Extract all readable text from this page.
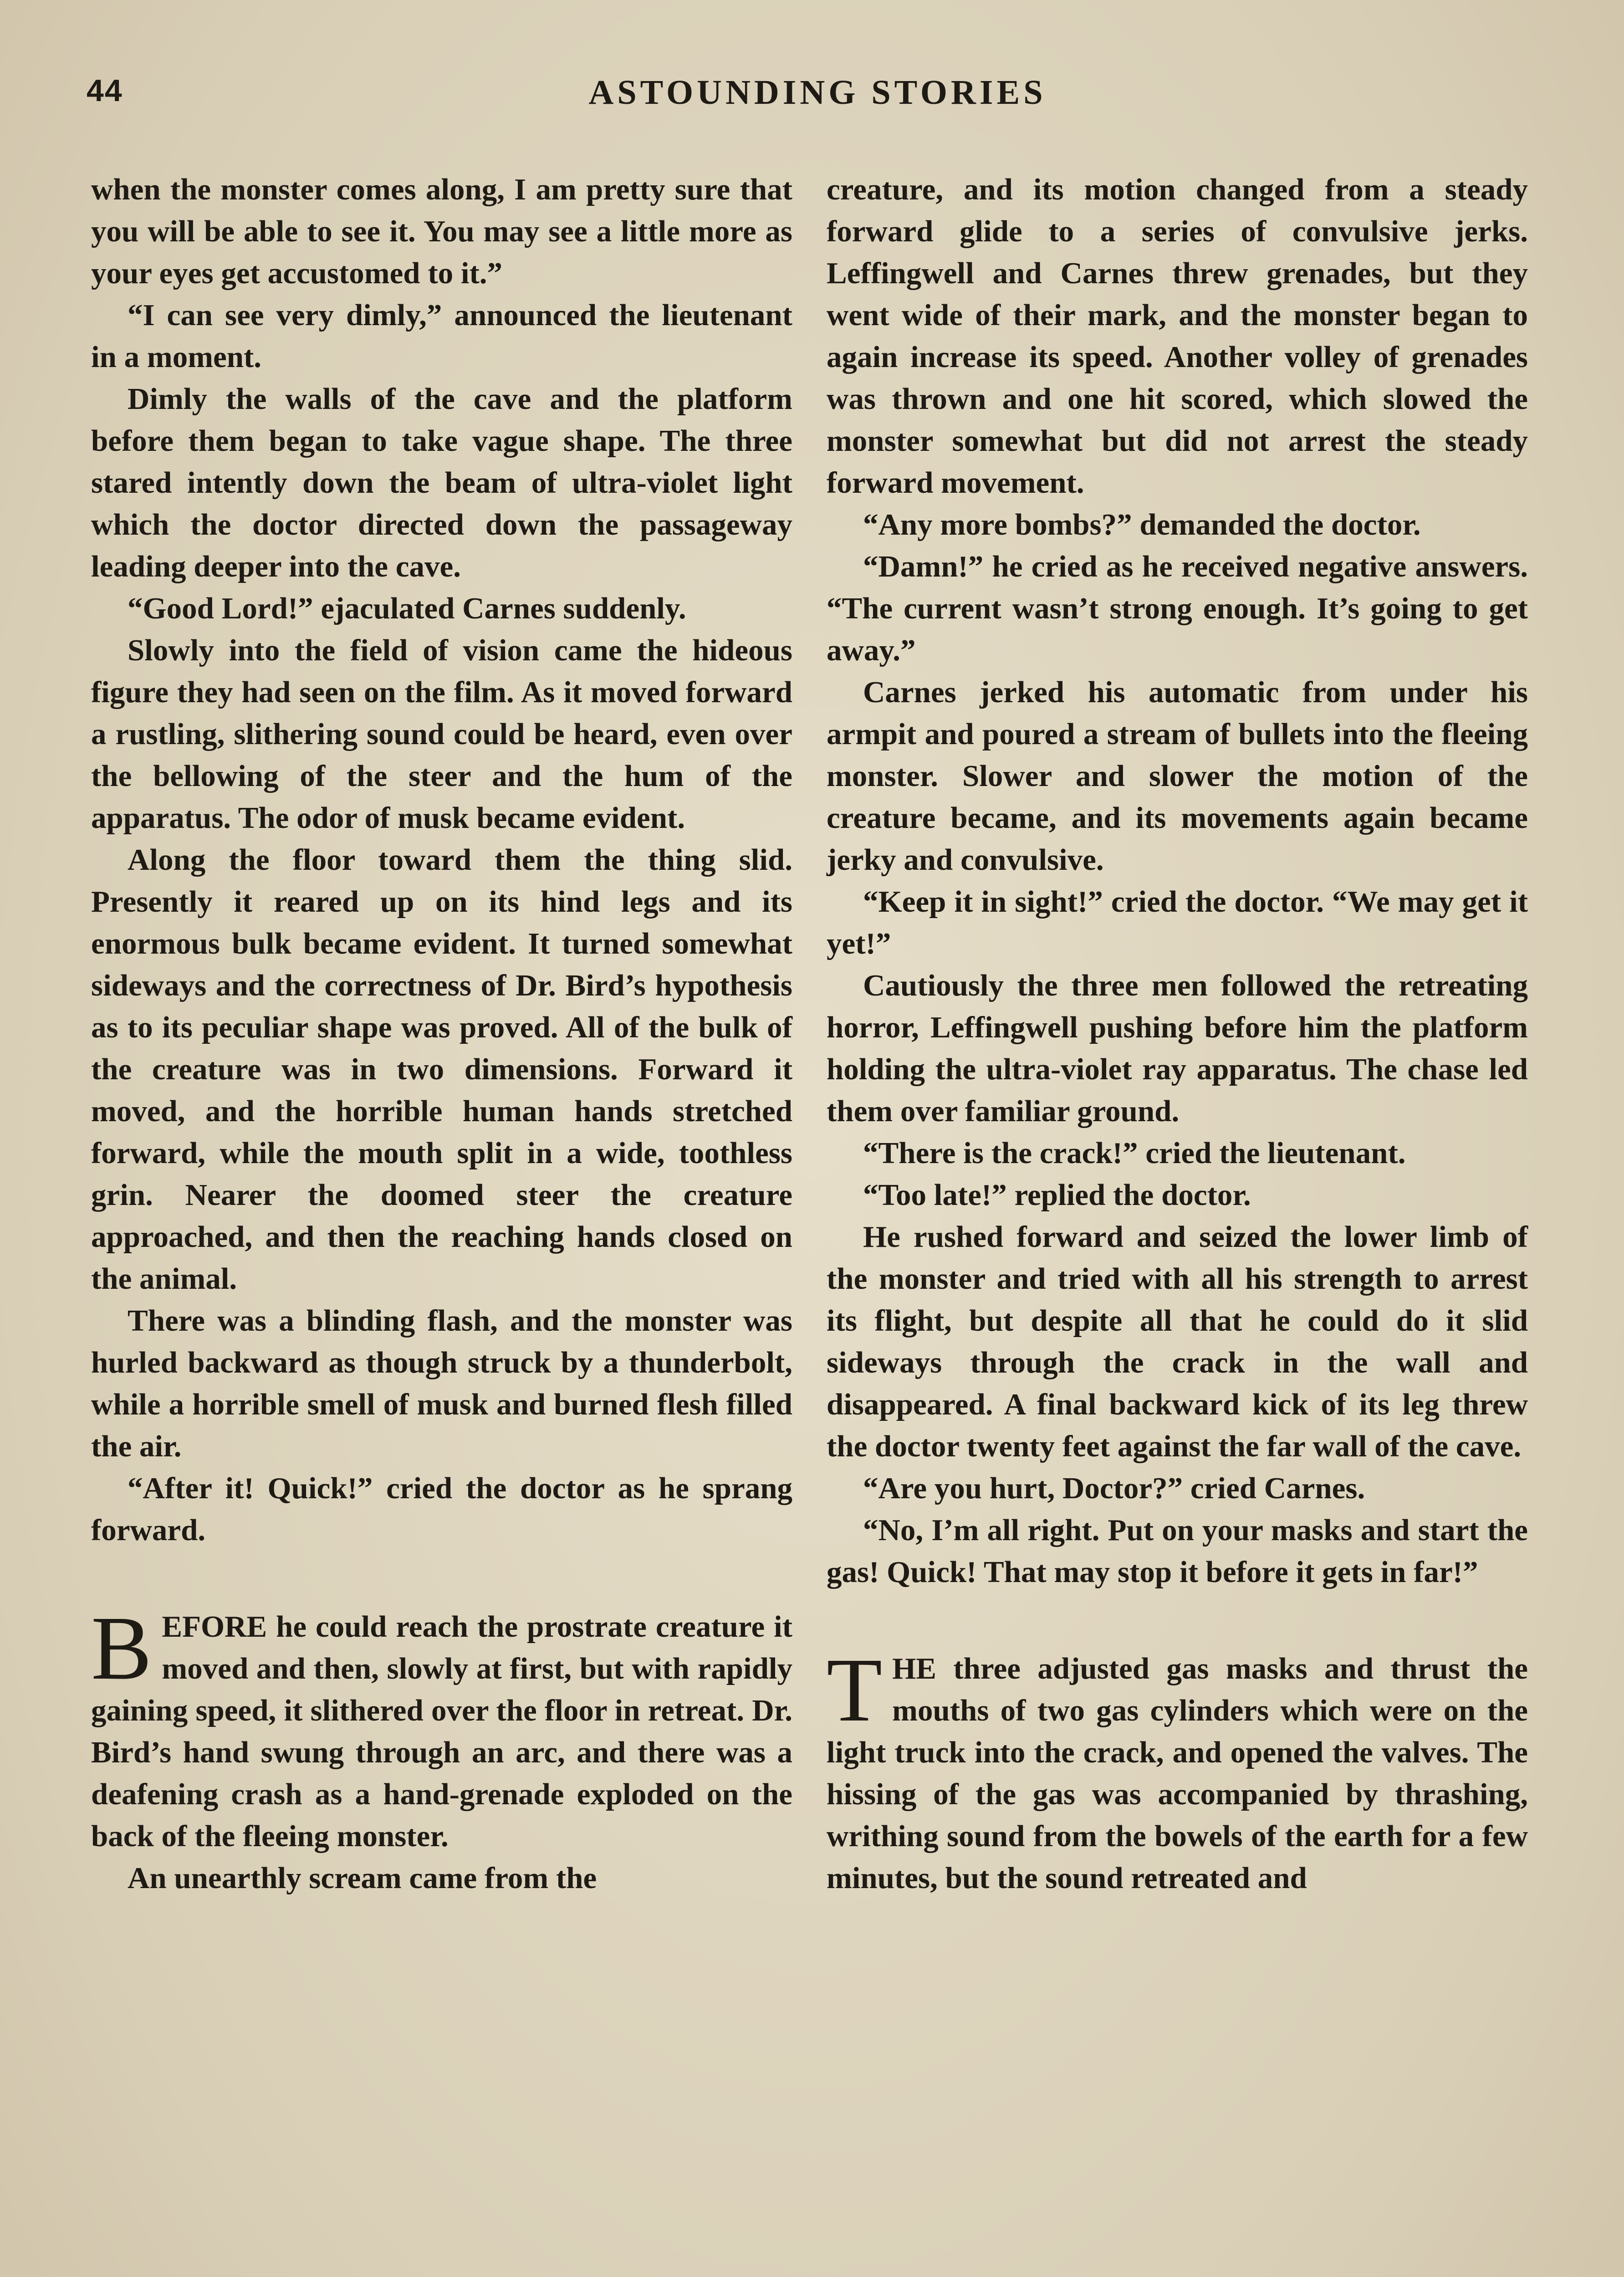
44	ASTOUNDING STORIES

when the monster comes along, I am pretty sure that you will be able to see it. You may see a little more as your eyes get accustomed to it.”

“I can see very dimly,” announced the lieutenant in a moment.

Dimly the walls of the cave and the platform before them began to take vague shape. The three stared intently down the beam of ultra-violet light which the doctor directed down the passageway leading deeper into the cave.

“Good Lord!” ejaculated Carnes suddenly.

Slowly into the field of vision came the hideous figure they had seen on the film. As it moved forward a rustling, slithering sound could be heard, even over the bellowing of the steer and the hum of the apparatus. The odor of musk became evident.

Along the floor toward them the thing slid. Presently it reared up on its hind legs and its enormous bulk became evident. It turned somewhat sideways and the correctness of Dr. Bird’s hypothesis as to its peculiar shape was proved. All of the bulk of the creature was in two dimensions. Forward it moved, and the horrible human hands stretched forward, while the mouth split in a wide, toothless grin. Nearer the doomed steer the creature approached, and then the reaching hands closed on the animal.

There was a blinding flash, and the monster was hurled backward as though struck by a thunderbolt, while a horrible smell of musk and burned flesh filled the air.

“After it! Quick!” cried the doctor as he sprang forward.

BEFORE he could reach the prostrate creature it moved and then, slowly at first, but with rapidly gaining speed, it slithered over the floor in retreat. Dr. Bird’s hand swung through an arc, and there was a deafening crash as a hand-grenade exploded on the back of the fleeing monster.

An unearthly scream came from the

creature, and its motion changed from a steady forward glide to a series of convulsive jerks. Leffingwell and Carnes threw grenades, but they went wide of their mark, and the monster began to again increase its speed. Another volley of grenades was thrown and one hit scored, which slowed the monster somewhat but did not arrest the steady forward movement.

“Any more bombs?” demanded the doctor.

“Damn!” he cried as he received negative answers. “The current wasn’t strong enough. It’s going to get away.”

Carnes jerked his automatic from under his armpit and poured a stream of bullets into the fleeing monster. Slower and slower the motion of the creature became, and its movements again became jerky and convulsive.

“Keep it in sight!” cried the doctor. “We may get it yet!”

Cautiously the three men followed the retreating horror, Leffingwell pushing before him the platform holding the ultra-violet ray apparatus. The chase led them over familiar ground.

“There is the crack!” cried the lieutenant.

“Too late!” replied the doctor.

He rushed forward and seized the lower limb of the monster and tried with all his strength to arrest its flight, but despite all that he could do it slid sideways through the crack in the wall and disappeared. A final backward kick of its leg threw the doctor twenty feet against the far wall of the cave.

“Are you hurt, Doctor?” cried Carnes.

“No, I’m all right. Put on your masks and start the gas! Quick! That may stop it before it gets in far!”

THE three adjusted gas masks and thrust the mouths of two gas cylinders which were on the light truck into the crack, and opened the valves. The hissing of the gas was accompanied by thrashing, writhing sound from the bowels of the earth for a few minutes, but the sound retreated and
